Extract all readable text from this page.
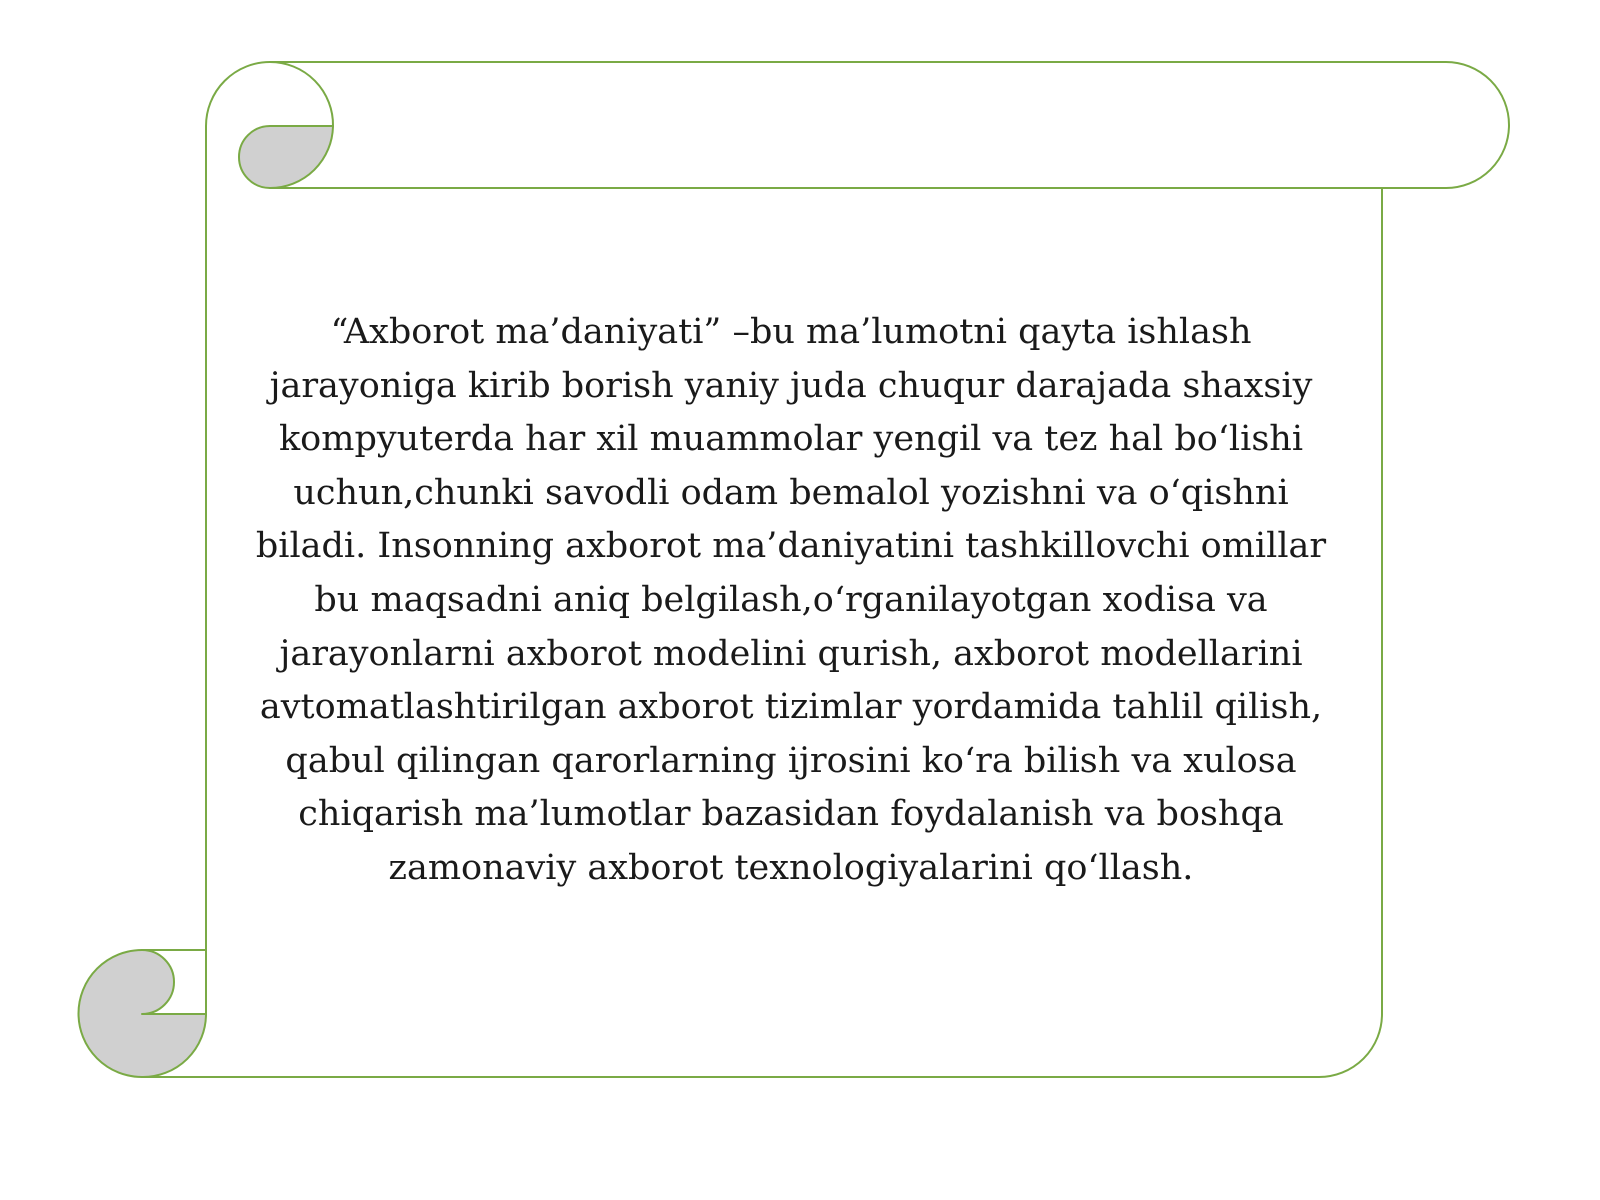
“Axborot ma’daniyati” –bu ma’lumotni qayta ishlash
jarayoniga kirib borish yaniy juda chuqur darajada shaxsiy
kompyuterda har xil muammolar yengil va tez hal bo‘lishi
uchun,chunki savodli odam bemalol yozishni va o‘qishni
biladi. Insonning axborot ma’daniyatini tashkillovchi omillar
bu maqsadni aniq belgilash,o‘rganilayotgan xodisa va
jarayonlarni axborot modelini qurish, axborot modellarini
avtomatlashtirilgan axborot tizimlar yordamida tahlil qilish,
qabul qilingan qarorlarning ijrosini ko‘ra bilish va xulosa
chiqarish ma’lumotlar bazasidan foydalanish va boshqa
zamonaviy axborot texnologiyalarini qo‘llash.
